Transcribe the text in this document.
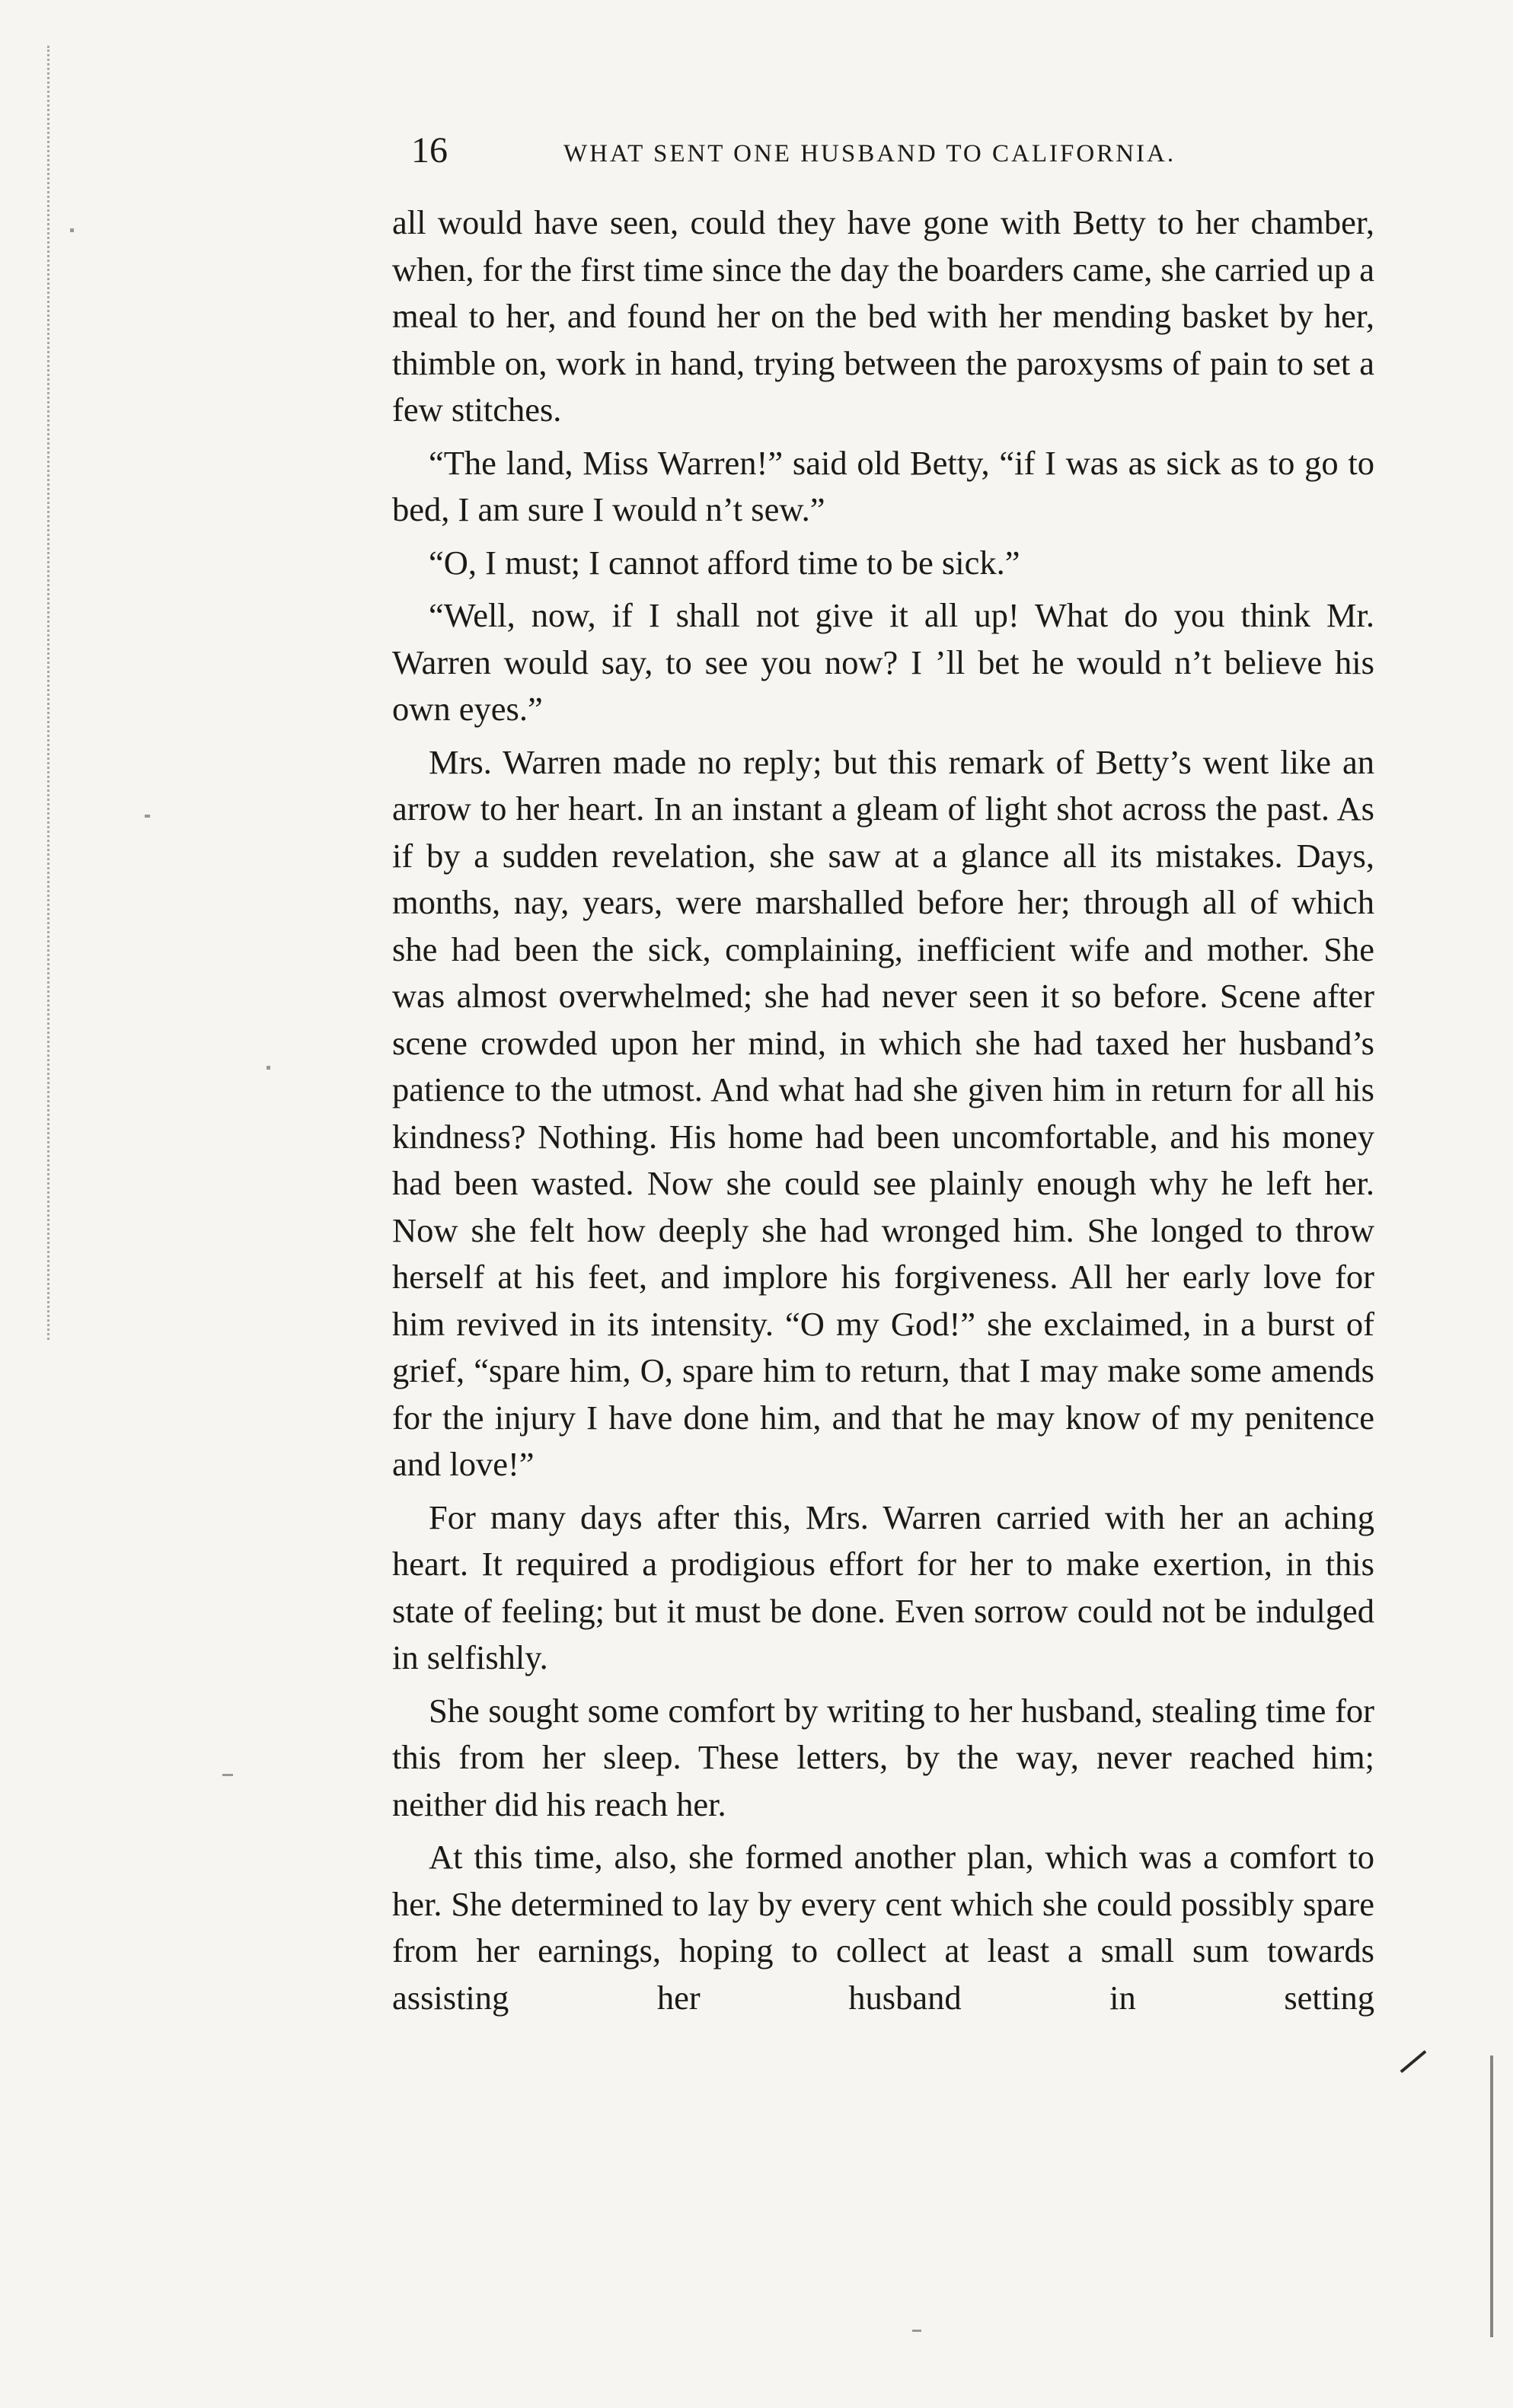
16	WHAT SENT ONE HUSBAND TO CALIFORNIA.

all would have seen, could they have gone with Betty to her chamber, when, for the first time since the day the boarders came, she carried up a meal to her, and found her on the bed with her mending basket by her, thimble on, work in hand, trying between the paroxysms of pain to set a few stitches.

“The land, Miss Warren!” said old Betty, “if I was as sick as to go to bed, I am sure I would n’t sew.”

“O, I must; I cannot afford time to be sick.”

“Well, now, if I shall not give it all up! What do you think Mr. Warren would say, to see you now? I ’ll bet he would n’t believe his own eyes.”

Mrs. Warren made no reply; but this remark of Betty’s went like an arrow to her heart. In an instant a gleam of light shot across the past. As if by a sudden revelation, she saw at a glance all its mistakes. Days, months, nay, years, were marshalled before her; through all of which she had been the sick, complaining, inefficient wife and mother. She was almost overwhelmed; she had never seen it so before. Scene after scene crowded upon her mind, in which she had taxed her husband’s patience to the utmost. And what had she given him in return for all his kindness? Nothing. His home had been uncomfortable, and his money had been wasted. Now she could see plainly enough why he left her. Now she felt how deeply she had wronged him. She longed to throw herself at his feet, and implore his forgiveness. All her early love for him revived in its intensity. “O my God!” she exclaimed, in a burst of grief, “spare him, O, spare him to return, that I may make some amends for the injury I have done him, and that he may know of my penitence and love!”

For many days after this, Mrs. Warren carried with her an aching heart. It required a prodigious effort for her to make exertion, in this state of feeling; but it must be done. Even sorrow could not be indulged in selfishly.

She sought some comfort by writing to her husband, stealing time for this from her sleep. These letters, by the way, never reached him; neither did his reach her.

At this time, also, she formed another plan, which was a comfort to her. She determined to lay by every cent which she could possibly spare from her earnings, hoping to collect at least a small sum towards assisting her husband in setting
